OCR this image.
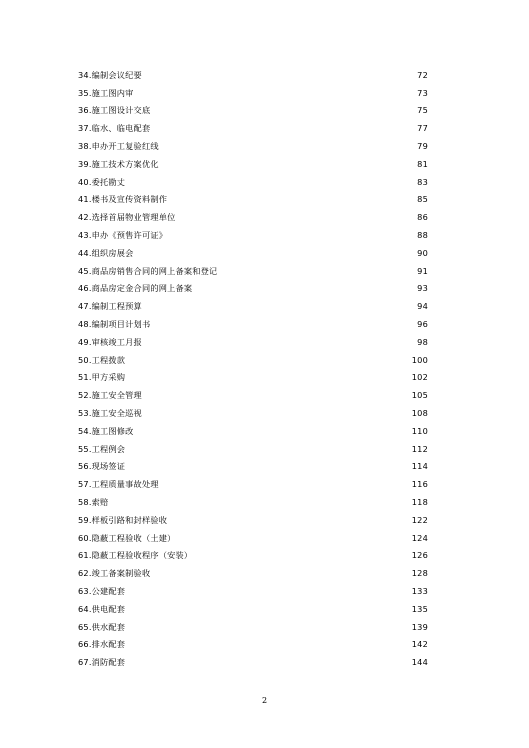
34.编制会议纪要	72
35.施工图内审	73
36.施工图设计交底	75
37.临水、临电配套	77
38.申办开工复验红线	79
39.施工技术方案优化	81
40.委托勘丈	83
41.楼书及宣传资料制作	85
42.选择首届物业管理单位	86
43.申办《预售许可证》	88
44.组织房展会	90
45.商品房销售合同的网上备案和登记	91
46.商品房定金合同的网上备案	93
47.编制工程预算	94
48.编制项目计划书	96
49.审核竣工月报	98
50.工程拨款	100
51.甲方采购	102
52.施工安全管理	105
53.施工安全巡视	108
54.施工图修改	110
55.工程例会	112
56.现场签证	114
57.工程质量事故处理	116
58.索赔	118
59.样板引路和封样验收	122
60.隐蔽工程验收（土建）	124
61.隐蔽工程验收程序（安装）	126
62.竣工备案制验收	128
63.公建配套	133
64.供电配套	135
65.供水配套	139
66.排水配套	142
67.消防配套	144
2
